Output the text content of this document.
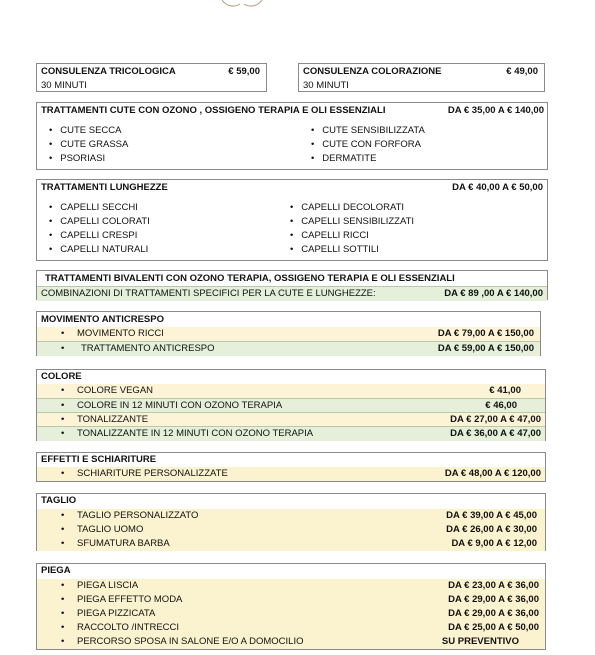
CONSULENZA TRICOLOGICA	€ 59,00
30 MINUTI
CONSULENZA COLORAZIONE	€ 49,00
30 MINUTI
TRATTAMENTI CUTE CON OZONO , OSSIGENO TERAPIA E OLI ESSENZIALI	DA € 35,00 A € 140,00
•   CUTE SECCA
•   CUTE GRASSA
•   PSORIASI
•   CUTE SENSIBILIZZATA
•   CUTE CON FORFORA
•   DERMATITE
TRATTAMENTI LUNGHEZZE	DA € 40,00 A € 50,00
•   CAPELLI SECCHI
•   CAPELLI COLORATI
•   CAPELLI CRESPI
•   CAPELLI NATURALI
•   CAPELLI DECOLORATI
•   CAPELLI SENSIBILIZZATI
•   CAPELLI RICCI
•   CAPELLI SOTTILI
TRATTAMENTI BIVALENTI CON OZONO TERAPIA, OSSIGENO TERAPIA E OLI ESSENZIALI
COMBINAZIONI DI TRATTAMENTI SPECIFICI PER LA CUTE E LUNGHEZZE:	DA € 89 ,00 A € 140,00
MOVIMENTO ANTICRESPO
• MOVIMENTO RICCI	DA € 79,00 A € 150,00
• TRATTAMENTO ANTICRESPO	DA € 59,00 A € 150,00
COLORE
• COLORE VEGAN	€ 41,00
• COLORE IN 12 MINUTI CON OZONO TERAPIA	€ 46,00
• TONALIZZANTE	DA € 27,00 A € 47,00
• TONALIZZANTE IN 12 MINUTI CON OZONO TERAPIA	DA € 36,00 A € 47,00
EFFETTI E SCHIARITURE
• SCHIARITURE PERSONALIZZATE	DA € 48,00 A € 120,00
TAGLIO
• TAGLIO PERSONALIZZATO	DA € 39,00 A € 45,00
• TAGLIO UOMO	DA € 26,00 A € 30,00
• SFUMATURA BARBA	DA € 9,00 A € 12,00
PIEGA
• PIEGA LISCIA	DA € 23,00 A € 36,00
• PIEGA EFFETTO MODA	DA € 29,00 A € 36,00
• PIEGA PIZZICATA	DA € 29,00 A € 36,00
• RACCOLTO /INTRECCI	DA € 25,00 A € 50,00
• PERCORSO SPOSA IN SALONE E/O A DOMOCILIO	SU PREVENTIVO
